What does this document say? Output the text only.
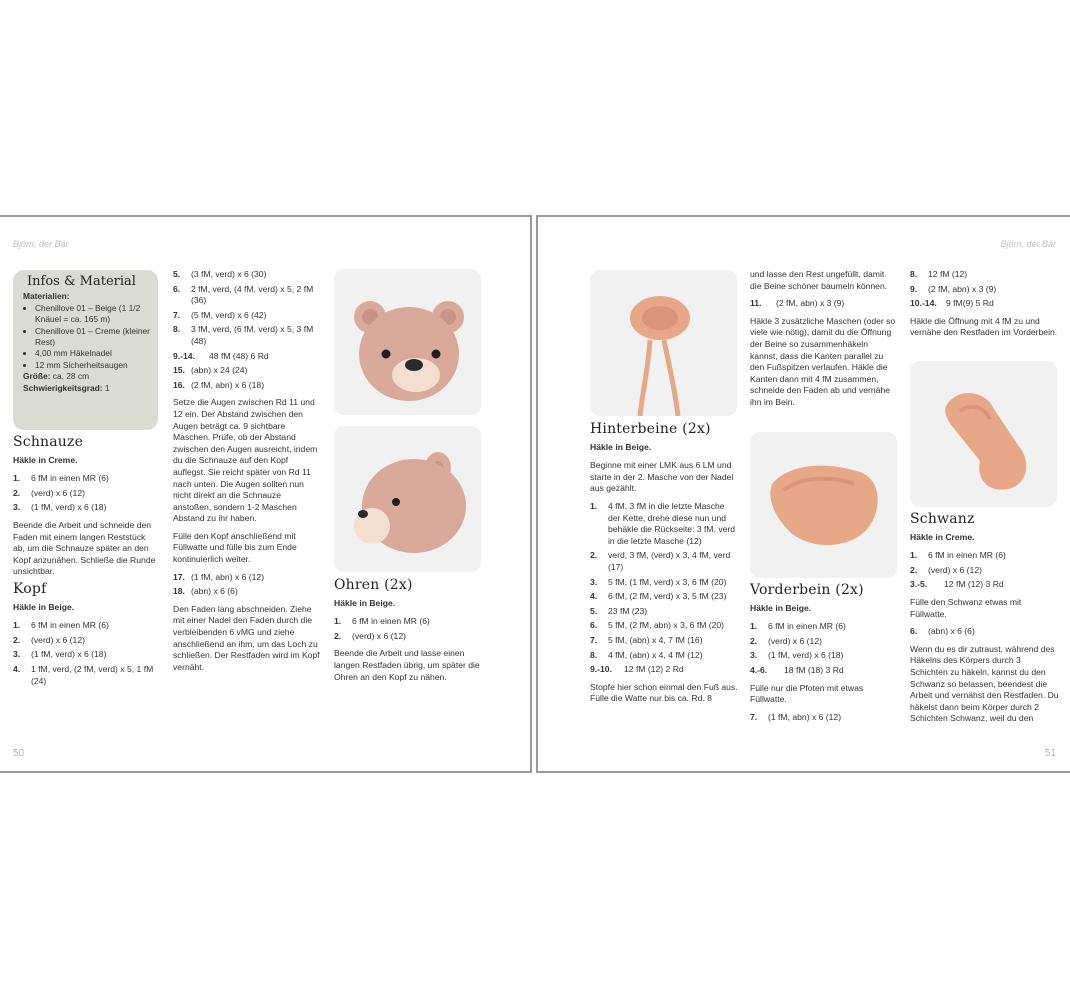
Björn, der Bär
Infos & Material
Materialien:
• Chenillove 01 – Beige (1 1/2 Knäuel = ca. 165 m)
• Chenillove 01 – Creme (kleiner Rest)
• 4,00 mm Häkelnadel
• 12 mm Sicherheitsaugen
Größe: ca. 28 cm
Schwierigkeitsgrad: 1
Schnauze
Häkle in Creme.
1.	6 fM in einen MR (6)
2.	(verd) x 6 (12)
3.	(1 fM, verd) x 6 (18)

Beende die Arbeit und schneide den Faden mit einem langen Reststück ab, um die Schnauze später an den Kopf anzunähen. Schließe die Runde unsichtbar.

Kopf
Häkle in Beige.
1.	6 fM in einen MR (6)
2.	(verd) x 6 (12)
3.	(1 fM, verd) x 6 (18)
4.	1 fM, verd, (2 fM, verd) x 5, 1 fM (24)
5.	(3 fM, verd) x 6 (30)
6.	2 fM, verd, (4 fM, verd) x 5, 2 fM (36)
7.	(5 fM, verd) x 6 (42)
8.	3 fM, verd, (6 fM, verd) x 5, 3 fM (48)
9.-14.	48 fM (48) 6 Rd
15. (abn) x 24 (24)
16. (2 fM, abn) x 6 (18)

Setze die Augen zwischen Rd 11 und 12 ein. Der Abstand zwischen den Augen beträgt ca. 9 sichtbare Maschen. Prüfe, ob der Abstand zwischen den Augen ausreicht, indem du die Schnauze auf den Kopf auflegst. Sie reicht später von Rd 11 nach unten. Die Augen sollten nun nicht direkt an die Schnauze anstoßen, sondern 1-2 Maschen Abstand zu ihr haben.

Fülle den Kopf anschließend mit Füllwatte und fülle bis zum Ende kontinuierlich weiter.

17. (1 fM, abn) x 6 (12)
18. (abn) x 6 (6)

Den Faden lang abschneiden. Ziehe mit einer Nadel den Faden durch die verbleibenden 6 vMG und ziehe anschließend an ihm, um das Loch zu schließen. Der Restfaden wird im Kopf vernäht.

Ohren (2x)
Häkle in Beige.
1.	6 fM in einen MR (6)
2.	(verd) x 6 (12)

Beende die Arbeit und lasse einen langen Restfaden übrig, um später die Ohren an den Kopf zu nähen.

50
Björn, der Bär
Hinterbeine (2x)
Häkle in Beige.

Beginne mit einer LMK aus 6 LM und starte in der 2. Masche von der Nadel aus gezählt.

1.	4 fM, 3 fM in die letzte Masche der Kette, drehe diese nun und behäkle die Rückseite: 3 fM, verd in die letzte Masche (12)
2.	verd, 3 fM, (verd) x 3, 4 fM, verd (17)
3.	5 fM, (1 fM, verd) x 3, 6 fM (20)
4.	6 fM, (2 fM, verd) x 3, 5 fM (23)
5.	23 fM (23)
6.	5 fM, (2 fM, abn) x 3, 6 fM (20)
7.	5 fM, (abn) x 4, 7 fM (16)
8.	4 fM, (abn) x 4, 4 fM (12)
9.-10.	12 fM (12) 2 Rd

Stopfe hier schon einmal den Fuß aus. Fülle die Watte nur bis ca. Rd. 8

und lasse den Rest ungefüllt, damit die Beine schöner baumeln können.

11.	(2 fM, abn) x 3 (9)

Häkle 3 zusätzliche Maschen (oder so viele wie nötig), damit du die Öffnung der Beine so zusammenhäkeln kannst, dass die Kanten parallel zu den Fußspitzen verlaufen. Häkle die Kanten dann mit 4 fM zusammen, schneide den Faden ab und vernähe ihn im Bein.

Vorderbein (2x)
Häkle in Beige.
1.	6 fM in einen MR (6)
2.	(verd) x 6 (12)
3.	(1 fM, verd) x 6 (18)
4.-6.	18 fM (18) 3 Rd

Fülle nur die Pfoten mit etwas Füllwatte.

7.	(1 fM, abn) x 6 (12)
8.	12 fM (12)
9.	(2 fM, abn) x 3 (9)
10.-14.	9 fM(9) 5 Rd

Häkle die Öffnung mit 4 fM zu und vernähe den Restfaden im Vorderbein.

Schwanz
Häkle in Creme.
1.	6 fM in einen MR (6)
2.	(verd) x 6 (12)
3.-5.	12 fM (12) 3 Rd

Fülle den Schwanz etwas mit Füllwatte.

6.	(abn) x 6 (6)

Wenn du es dir zutraust, während des Häkelns des Körpers durch 3 Schichten zu häkeln, kannst du den Schwanz so belassen, beendest die Arbeit und vernähst den Restfaden. Du häkelst dann beim Körper durch 2 Schichten Schwanz, weil du den

51
